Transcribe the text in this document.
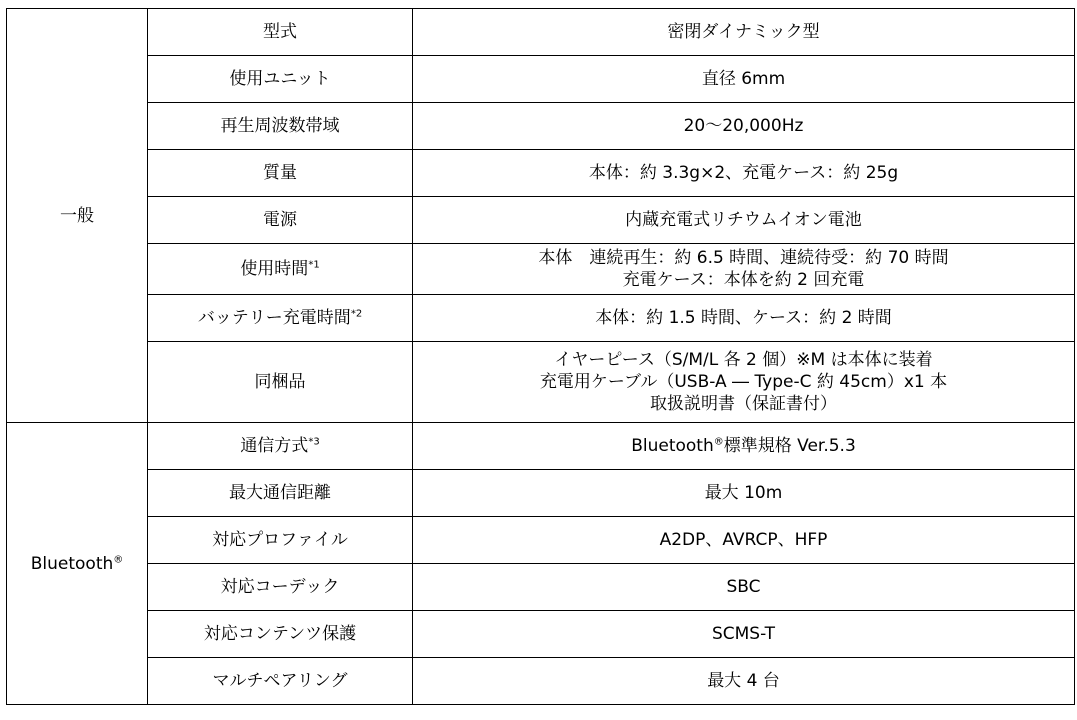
一般	型式	密閉ダイナミック型
	使用ユニット	直径 6mm
	再生周波数帯域	20～20,000Hz
	質量	本体：約 3.3g×2、充電ケース：約 25g
	電源	内蔵充電式リチウムイオン電池
	使用時間$^{*1}$	本体　連続再生：約 6.5 時間、連続待受：約 70 時間
充電ケース：本体を約 2 回充電

	バッテリー充電時間$^{*2}$	本体：約 1.5 時間、ケース：約 2 時間
	同梱品	イヤーピース（S/M/L 各 2 個）※M は本体に装着
充電用ケーブル（USB-A ― Type-C 約 45cm）x1 本
取扱説明書（保証書付）

Bluetooth®	通信方式$^{*3}$	Bluetooth®標準規格 Ver.5.3
	最大通信距離	最大 10m
	対応プロファイル	A2DP、AVRCP、HFP
	対応コーデック	SBC
	対応コンテンツ保護	SCMS-T
	マルチペアリング	最大 4 台
